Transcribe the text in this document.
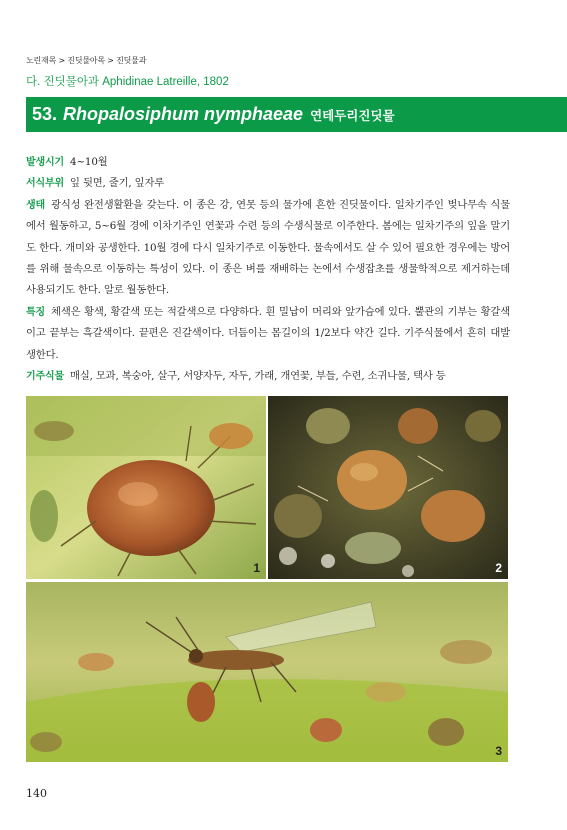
노린재목 > 진딧물아목 > 진딧물과
다. 진딧물아과 Aphidinae Latreille, 1802
53. Rhopalosiphum nymphaeae 연테두리진딧물

발생시기 4~10월

서식부위 잎 뒷면, 줄기, 잎자루

생태 광식성 완전생활환을 갖는다. 이 종은 강, 연못 등의 물가에 흔한 진딧물이다. 일차기주인 벚나무속 식물에서 월동하고, 5~6월 경에 이차기주인 연꽃과 수련 등의 수생식물로 이주한다. 봄에는 일차기주의 잎을 말기도 한다. 개미와 공생한다. 10월 경에 다시 일차기주로 이동한다. 물속에서도 살 수 있어 필요한 경우에는 방어를 위해 물속으로 이동하는 특성이 있다. 이 종은 벼를 재배하는 논에서 수생잡초를 생물학적으로 제거하는데 사용되기도 한다. 알로 월동한다.

특징 체색은 황색, 황갈색 또는 적갈색으로 다양하다. 흰 밀납이 머리와 앞가슴에 있다. 뿔관의 기부는 황갈색이고 끝부는 흑갈색이다. 끝편은 진갈색이다. 더듬이는 몸길이의 1/2보다 약간 길다. 기주식물에서 흔히 대발생한다.

기주식물 매실, 모과, 복숭아, 살구, 서양자두, 자두, 가래, 개연꽃, 부들, 수련, 소귀나물, 택사 등

1	2
3
140
